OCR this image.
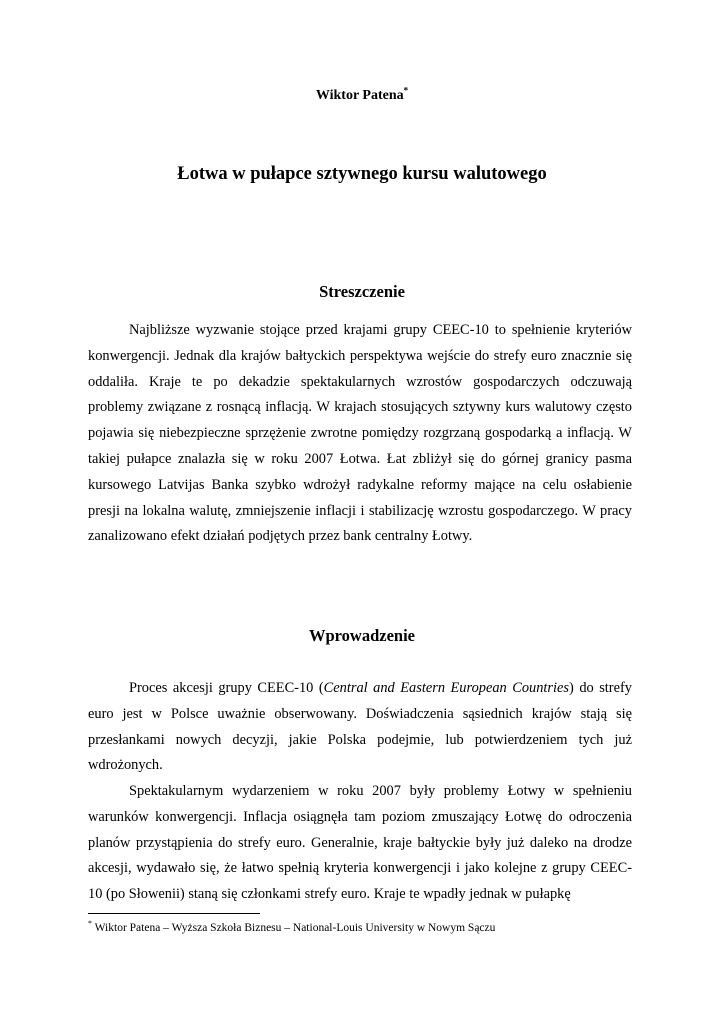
Wiktor Patena*
Łotwa w pułapce sztywnego kursu walutowego
Streszczenie
Najbliższe wyzwanie stojące przed krajami grupy CEEC-10 to spełnienie kryteriów
konwergencji. Jednak dla krajów bałtyckich perspektywa wejście do strefy euro znacznie się
oddaliła. Kraje te po dekadzie spektakularnych wzrostów gospodarczych odczuwają
problemy związane z rosnącą inflacją. W krajach stosujących sztywny kurs walutowy często
pojawia się niebezpieczne sprzężenie zwrotne pomiędzy rozgrzaną gospodarką a inflacją. W
takiej pułapce znalazła się w roku 2007 Łotwa. Łat zbliżył się do górnej granicy pasma
kursowego Latvijas Banka szybko wdrożył radykalne reformy mające na celu osłabienie
presji na lokalna walutę, zmniejszenie inflacji i stabilizację wzrostu gospodarczego. W pracy
zanalizowano efekt działań podjętych przez bank centralny Łotwy.
Wprowadzenie
Proces akcesji grupy CEEC-10 (Central and Eastern European Countries) do strefy
euro jest w Polsce uważnie obserwowany. Doświadczenia sąsiednich krajów stają się
przesłankami nowych decyzji, jakie Polska podejmie, lub potwierdzeniem tych już
wdrożonych.
Spektakularnym wydarzeniem w roku 2007 były problemy Łotwy w spełnieniu
warunków konwergencji. Inflacja osiągnęła tam poziom zmuszający Łotwę do odroczenia
planów przystąpienia do strefy euro. Generalnie, kraje bałtyckie były już daleko na drodze
akcesji, wydawało się, że łatwo spełnią kryteria konwergencji i jako kolejne z grupy CEEC-
10 (po Słowenii) staną się członkami strefy euro. Kraje te wpadły jednak w pułapkę
* Wiktor Patena – Wyższa Szkoła Biznesu – National-Louis University w Nowym Sączu
